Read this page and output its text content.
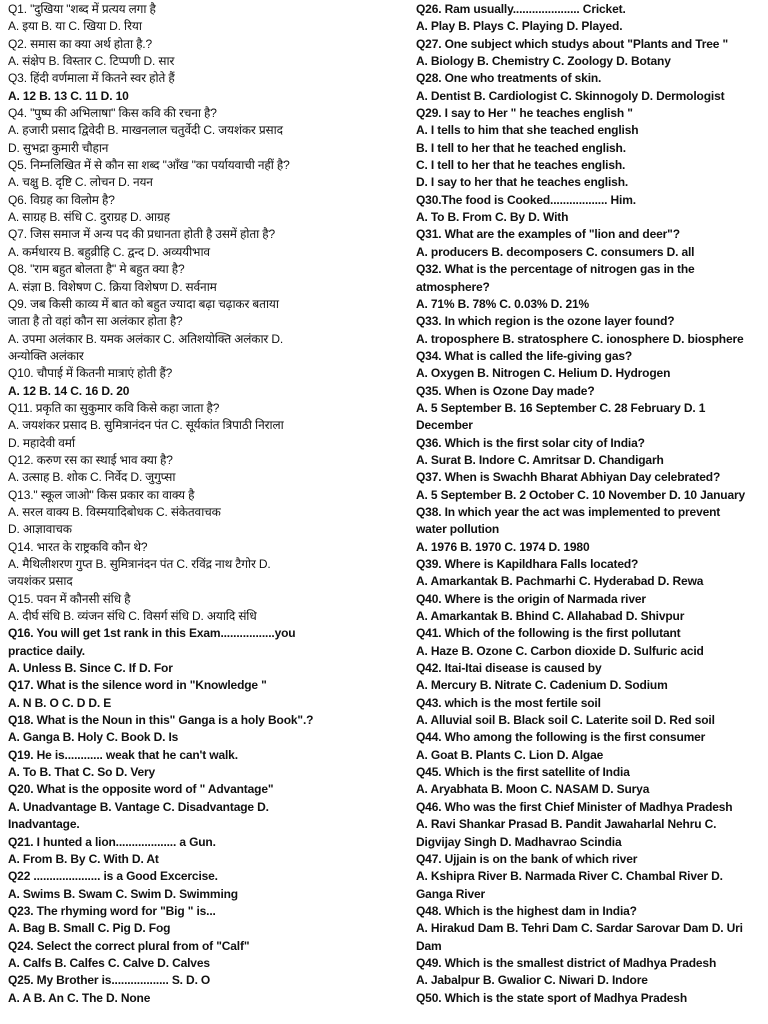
Q1. "दुखिया "शब्द में प्रत्यय लगा है
A. इया B. या C. खिया D. रिया
Q2. समास का क्या अर्थ होता है.?
A. संक्षेप B. विस्तार C. टिप्पणी D. सार
Q3. हिंदी वर्णमाला में कितने स्वर होते हैं
A. 12 B. 13 C. 11 D. 10
Q4. "पुष्प की अभिलाषा" किस कवि की रचना है?
A. हजारी प्रसाद द्विवेदी B. माखनलाल चतुर्वेदी C. जयशंकर प्रसाद
D. सुभद्रा कुमारी चौहान
Q5. निम्नलिखित में से कौन सा शब्द "आँख "का पर्यायवाची नहीं है?
A. चक्षु B. दृष्टि C. लोचन D. नयन
Q6. विग्रह का विलोम है?
A. साग्रह B. संधि C. दुराग्रह D. आग्रह
Q7. जिस समाज में अन्य पद की प्रधानता होती है उसमें होता है?
A. कर्मधारय B. बहुव्रीहि C. द्वन्द D. अव्ययीभाव
Q8. "राम बहुत बोलता है" मे बहुत क्या है?
A. संज्ञा B. विशेषण C. क्रिया विशेषण D. सर्वनाम
Q9. जब किसी काव्य में बात को बहुत ज्यादा बढ़ा चढ़ाकर बताया
जाता है तो वहां कौन सा अलंकार होता है?
A. उपमा अलंकार B. यमक अलंकार C. अतिशयोक्ति अलंकार D.
अन्योक्ति अलंकार
Q10. चौपाई में कितनी मात्राएं होती हैं?
A. 12 B. 14 C. 16 D. 20
Q11. प्रकृति का सुकुमार कवि किसे कहा जाता है?
A. जयशंकर प्रसाद B. सुमित्रानंदन पंत C. सूर्यकांत त्रिपाठी निराला
D. महादेवी वर्मा
Q12. करुण रस का स्थाई भाव क्या है?
A. उत्साह B. शोक C. निर्वेद D. जुगुप्सा
Q13." स्कूल जाओ" किस प्रकार का वाक्य है
A. सरल वाक्य B. विस्मयादिबोधक C. संकेतवाचक
D. आज्ञावाचक
Q14. भारत के राष्ट्रकवि कौन थे?
A. मैथिलीशरण गुप्त B. सुमित्रानंदन पंत C. रविंद्र नाथ टैगोर D.
जयशंकर प्रसाद
Q15. पवन में कौनसी संधि है
A. दीर्घ संधि B. व्यंजन संधि C. विसर्ग संधि D. अयादि संधि
Q16. You will get 1st rank in this Exam.................you
practice daily.
A. Unless B. Since C. If D. For
Q17. What is the silence word in "Knowledge "
A. N B. O C. D D. E
Q18. What is the Noun in this" Ganga is a holy Book".?
A. Ganga B. Holy C. Book D. Is
Q19. He is............ weak that he can't walk.
A. To B. That C. So D. Very
Q20. What is the opposite word of " Advantage"
A. Unadvantage B. Vantage C. Disadvantage D.
Inadvantage.
Q21. I hunted a lion................... a Gun.
A. From B. By C. With D. At
Q22 ..................... is a Good Excercise.
A. Swims B. Swam C. Swim D. Swimming
Q23. The rhyming word for "Big " is...
A. Bag B. Small C. Pig D. Fog
Q24. Select the correct plural from of "Calf"
A. Calfs B. Calfes C. Calve D. Calves
Q25. My Brother is.................. S. D. O
A. A B. An C. The D. None
Q26. Ram usually..................... Cricket.
A. Play B. Plays C. Playing D. Played.
Q27. One subject which studys about "Plants and Tree "
A. Biology B. Chemistry C. Zoology D. Botany
Q28. One who treatments of skin.
A. Dentist B. Cardiologist C. Skinnogoly D. Dermologist
Q29. I say to Her " he teaches english "
A. I tells to him that she teached english
B. I tell to her that he teached english.
C. I tell to her that he teaches english.
D. I say to her that he teaches english.
Q30.The food is Cooked.................. Him.
A. To B. From C. By D. With
Q31. What are the examples of "lion and deer"?
A. producers B. decomposers C. consumers D. all
Q32. What is the percentage of nitrogen gas in the
atmosphere?
A. 71% B. 78% C. 0.03% D. 21%
Q33. In which region is the ozone layer found?
A. troposphere B. stratosphere C. ionosphere D. biosphere
Q34. What is called the life-giving gas?
A. Oxygen B. Nitrogen C. Helium D. Hydrogen
Q35. When is Ozone Day made?
A. 5 September B. 16 September C. 28 February D. 1
December
Q36. Which is the first solar city of India?
A. Surat B. Indore C. Amritsar D. Chandigarh
Q37. When is Swachh Bharat Abhiyan Day celebrated?
A. 5 September B. 2 October C. 10 November D. 10 January
Q38. In which year the act was implemented to prevent
water pollution
A. 1976 B. 1970 C. 1974 D. 1980
Q39. Where is Kapildhara Falls located?
A. Amarkantak B. Pachmarhi C. Hyderabad D. Rewa
Q40. Where is the origin of Narmada river
A. Amarkantak B. Bhind C. Allahabad D. Shivpur
Q41. Which of the following is the first pollutant
A. Haze B. Ozone C. Carbon dioxide D. Sulfuric acid
Q42. Itai-Itai disease is caused by
A. Mercury B. Nitrate C. Cadenium D. Sodium
Q43. which is the most fertile soil
A. Alluvial soil B. Black soil C. Laterite soil D. Red soil
Q44. Who among the following is the first consumer
A. Goat B. Plants C. Lion D. Algae
Q45. Which is the first satellite of India
A. Aryabhata B. Moon C. NASAM D. Surya
Q46. Who was the first Chief Minister of Madhya Pradesh
A. Ravi Shankar Prasad B. Pandit Jawaharlal Nehru C.
Digvijay Singh D. Madhavrao Scindia
Q47. Ujjain is on the bank of which river
A. Kshipra River B. Narmada River C. Chambal River D.
Ganga River
Q48. Which is the highest dam in India?
A. Hirakud Dam B. Tehri Dam C. Sardar Sarovar Dam D. Uri
Dam
Q49. Which is the smallest district of Madhya Pradesh
A. Jabalpur B. Gwalior C. Niwari D. Indore
Q50. Which is the state sport of Madhya Pradesh
